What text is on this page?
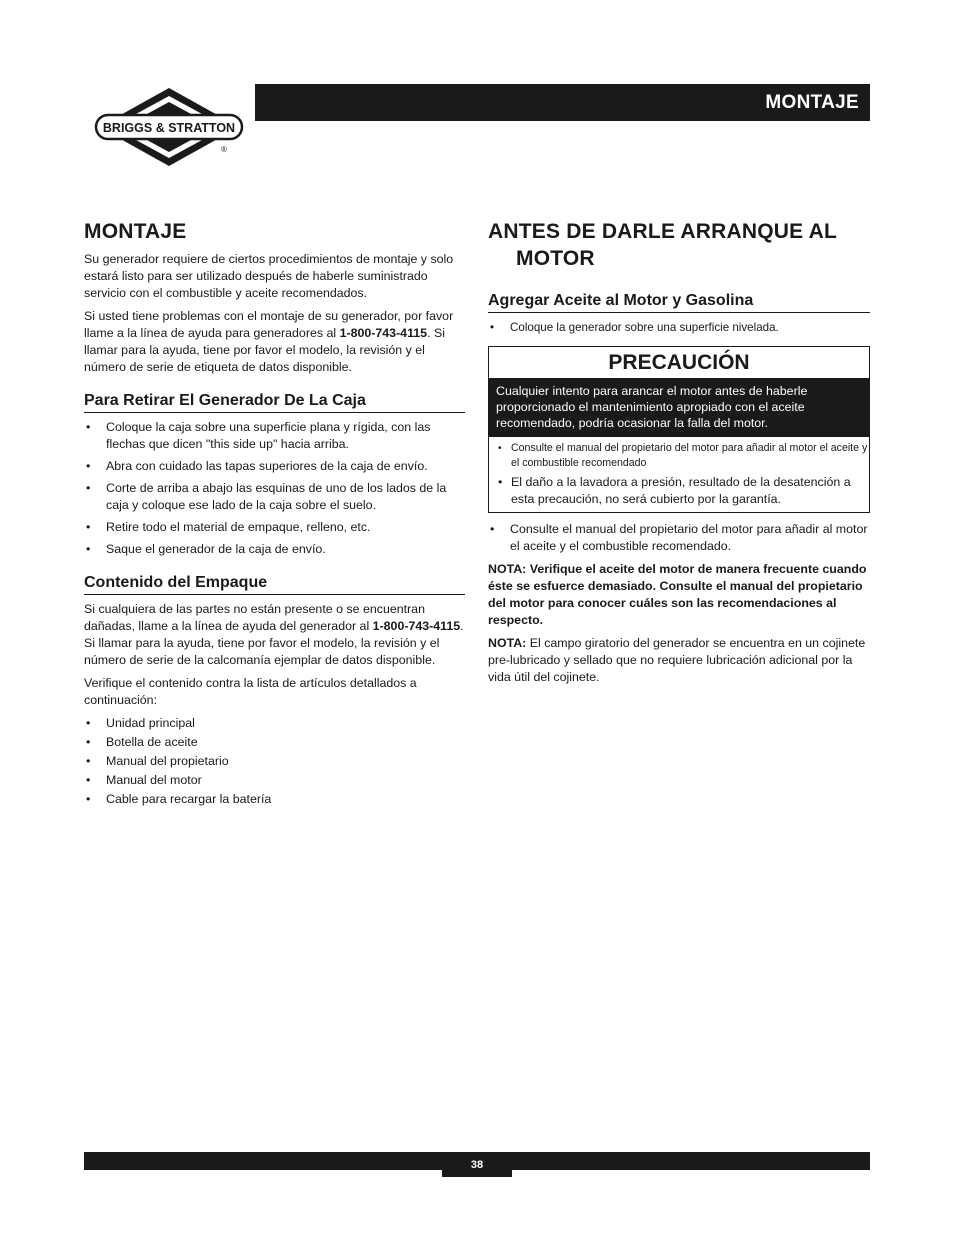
BRIGGS & STRATTON
®
MONTAJE
MONTAJE

Su generador requiere de ciertos procedimientos de montaje y solo estará listo para ser utilizado después de haberle suministrado servicio con el combustible y aceite recomendados.

Si usted tiene problemas con el montaje de su generador, por favor llame a la línea de ayuda para generadores al 1-800-743-4115. Si llamar para la ayuda, tiene por favor el modelo, la revisión y el número de serie de etiqueta de datos disponible.

Para Retirar El Generador De La Caja
• Coloque la caja sobre una superficie plana y rígida, con las flechas que dicen "this side up" hacia arriba.
• Abra con cuidado las tapas superiores de la caja de envío.
• Corte de arriba a abajo las esquinas de uno de los lados de la caja y coloque ese lado de la caja sobre el suelo.
• Retire todo el material de empaque, relleno, etc.
• Saque el generador de la caja de envío.
Contenido del Empaque

Si cualquiera de las partes no están presente o se encuentran dañadas, llame a la línea de ayuda del generador al 1-800-743-4115. Si llamar para la ayuda, tiene por favor el modelo, la revisión y el número de serie de la calcomanía ejemplar de datos disponible.

Verifique el contenido contra la lista de artículos detallados a continuación:

• Unidad principal
• Botella de aceite
• Manual del propietario
• Manual del motor
• Cable para recargar la batería
ANTES DE DARLE ARRANQUE AL MOTOR
Agregar Aceite al Motor y Gasolina
• Coloque la generador sobre una superficie nivelada.
PRECAUCIÓN
Cualquier intento para arancar el motor antes de haberle proporcionado el mantenimiento apropiado con el aceite recomendado, podría ocasionar la falla del motor.
• Consulte el manual del propietario del motor para añadir al motor el aceite y el combustible recomendado
• El daño a la lavadora a presión, resultado de la desatención a esta precaución, no será cubierto por la garantía.
• Consulte el manual del propietario del motor para añadir al motor el aceite y el combustible recomendado.

NOTA: Verifique el aceite del motor de manera frecuente cuando éste se esfuerce demasiado. Consulte el manual del propietario del motor para conocer cuáles son las recomendaciones al respecto.

NOTA: El campo giratorio del generador se encuentra en un cojinete pre-lubricado y sellado que no requiere lubricación adicional por la vida útil del cojinete.

38
